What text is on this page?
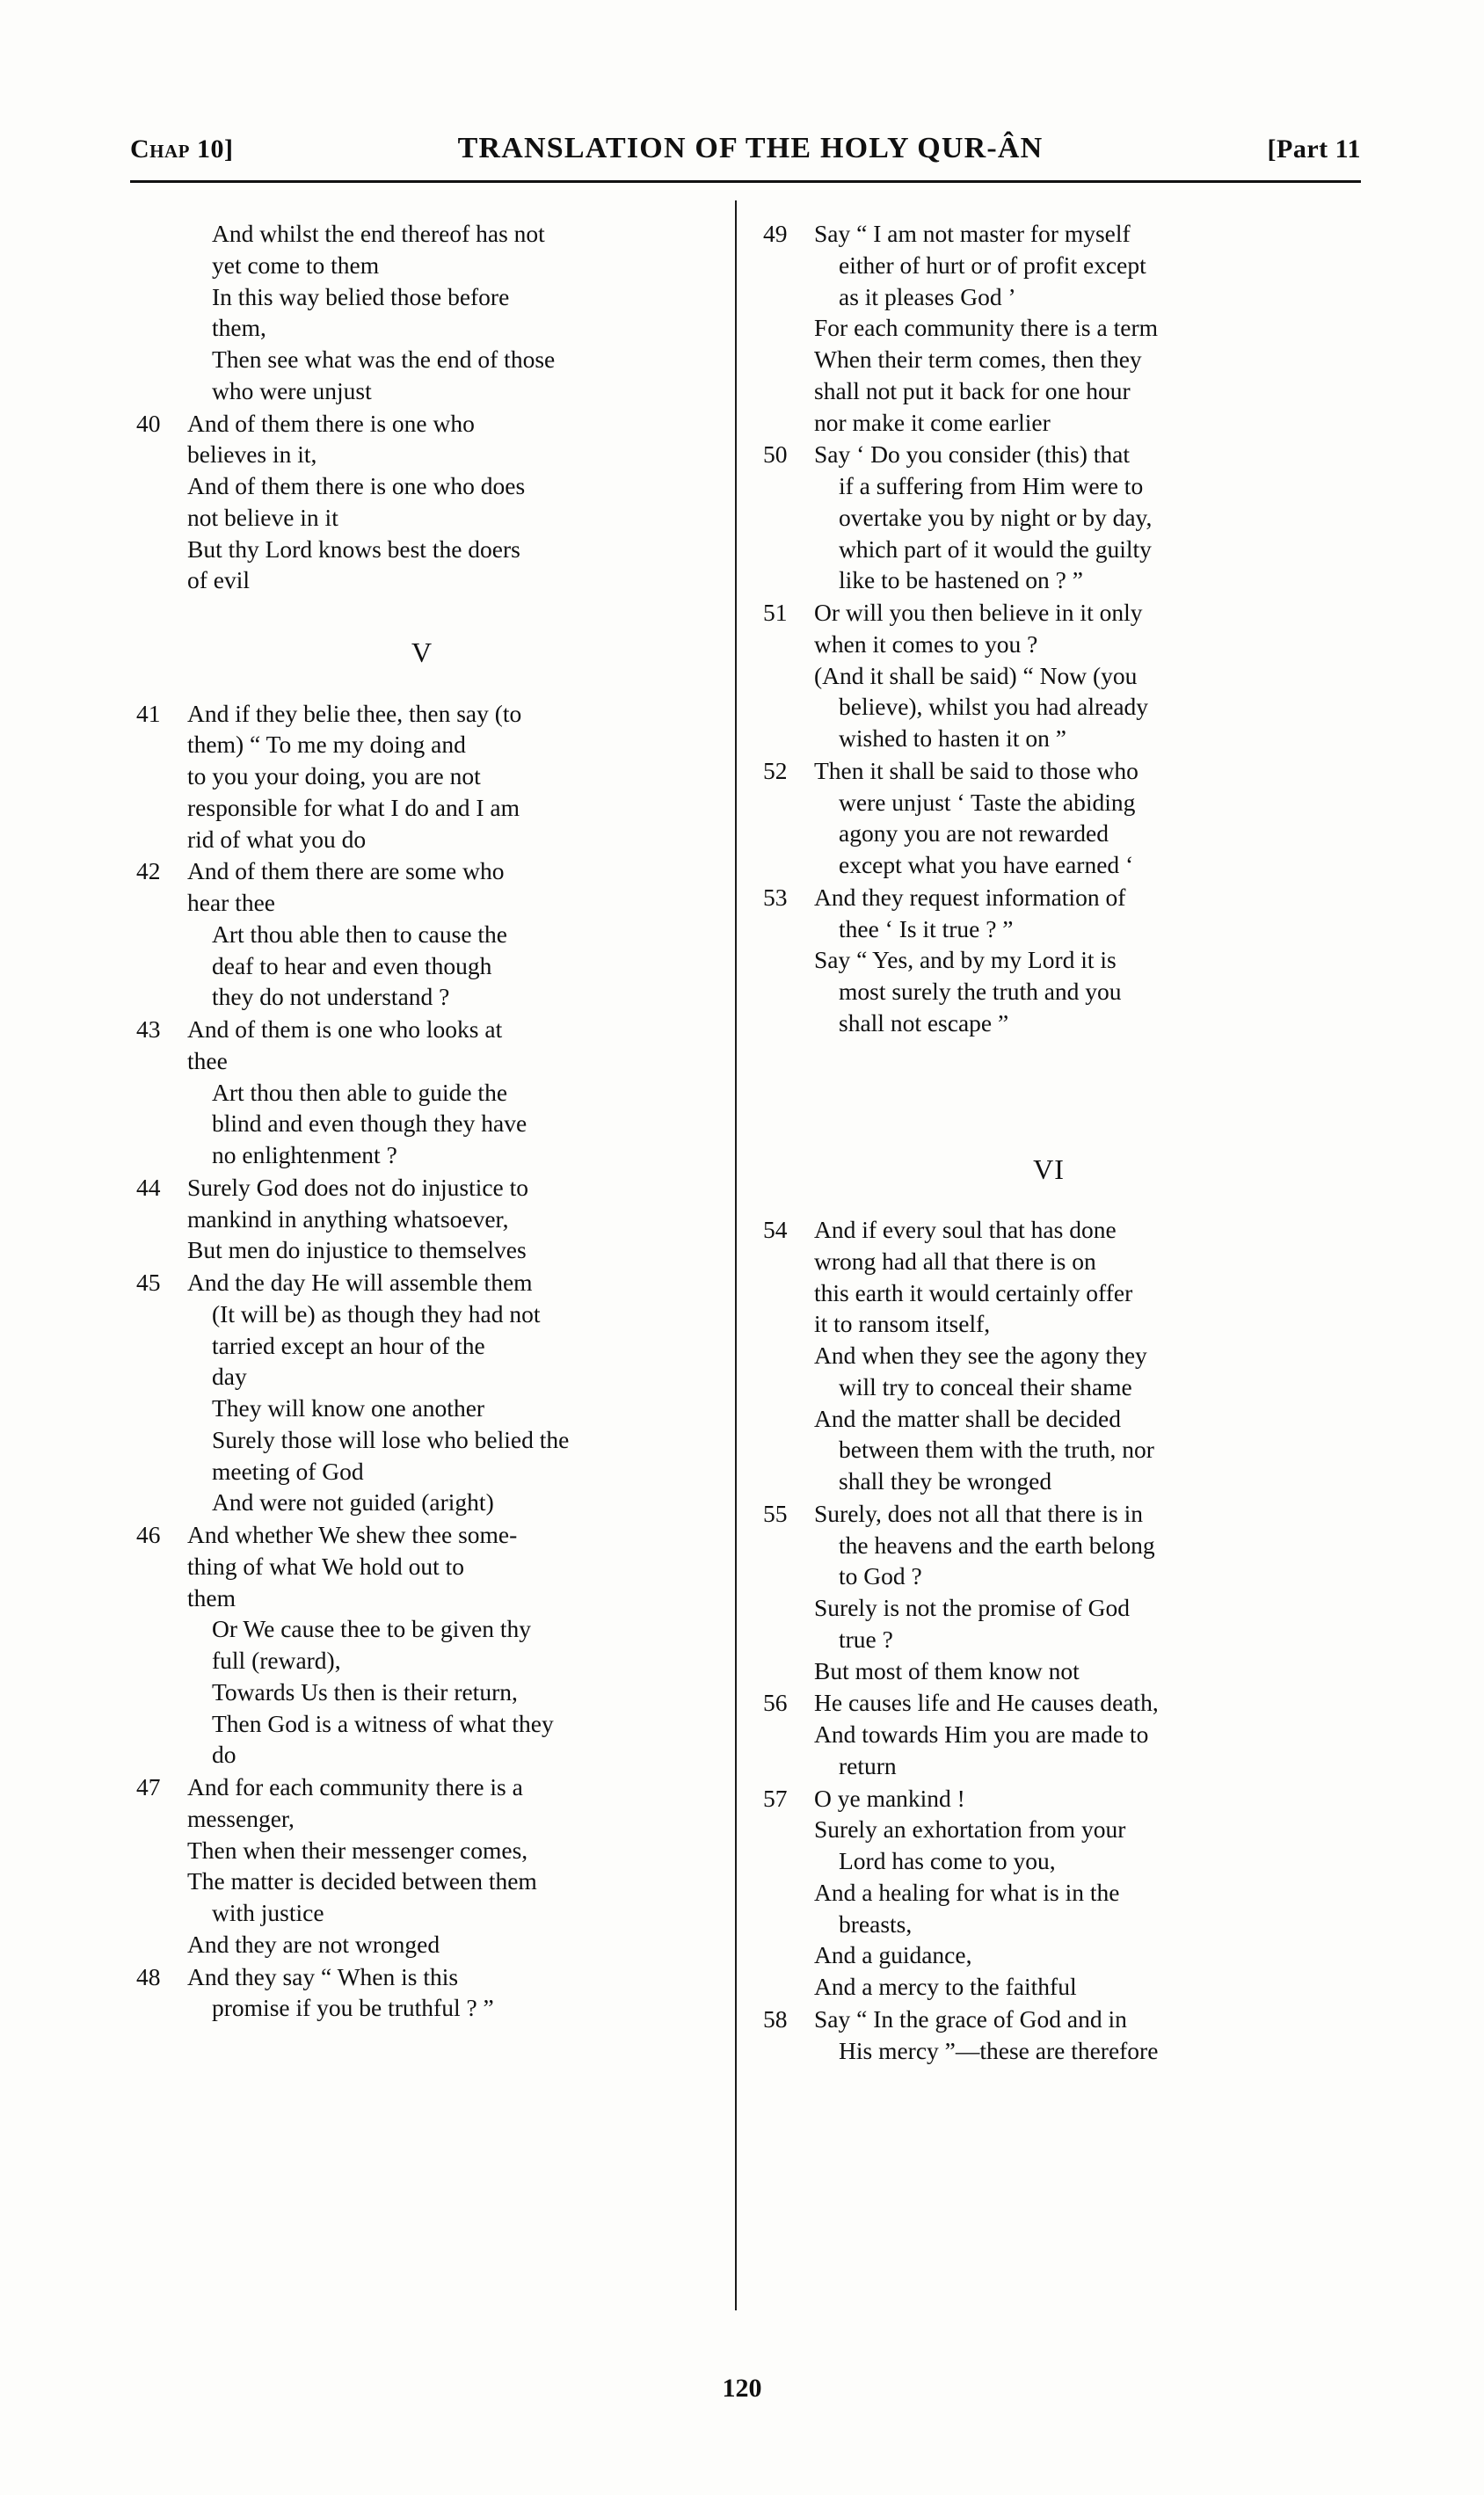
Chap 10]	TRANSLATION OF THE HOLY QUR-ÂN	[Part 11
And whilst the end thereof has not
yet come to them
In this way belied those before
them,
Then see what was the end of those
who were unjust
40	And of them there is one who
believes in it,
And of them there is one who does
not believe in it
But thy Lord knows best the doers
of evil
V
41	And if they belie thee, then say (to
them) “ To me my doing and
to you your doing, you are not
responsible for what I do and I am
rid of what you do
42	And of them there are some who
hear thee
Art thou able then to cause the
deaf to hear and even though
they do not understand ?
43	And of them is one who looks at
thee
Art thou then able to guide the
blind and even though they have
no enlightenment ?
44	Surely God does not do injustice to
mankind in anything whatsoever,
But men do injustice to themselves
45	And the day He will assemble them
(It will be) as though they had not
tarried except an hour of the
day
They will know one another
Surely those will lose who belied the
meeting of God
And were not guided (aright)
46	And whether We shew thee some-
thing of what We hold out to
them
Or We cause thee to be given thy
full (reward),
Towards Us then is their return,
Then God is a witness of what they
do
47	And for each community there is a
messenger,
Then when their messenger comes,
The matter is decided between them
with justice
And they are not wronged
48	And they say “ When is this
promise if you be truthful ? ”
49	Say “ I am not master for myself
either of hurt or of profit except
as it pleases God ’
For each community there is a term
When their term comes, then they
shall not put it back for one hour
nor make it come earlier
50	Say ‘ Do you consider (this) that
if a suffering from Him were to
overtake you by night or by day,
which part of it would the guilty
like to be hastened on ? ”
51	Or will you then believe in it only
when it comes to you ?
(And it shall be said) “ Now (you
believe), whilst you had already
wished to hasten it on ”
52	Then it shall be said to those who
were unjust ‘ Taste the abiding
agony you are not rewarded
except what you have earned ‘
53	And they request information of
thee ‘ Is it true ? ”
Say “ Yes, and by my Lord it is
most surely the truth and you
shall not escape ”
VI
54	And if every soul that has done
wrong had all that there is on
this earth it would certainly offer
it to ransom itself,
And when they see the agony they
will try to conceal their shame
And the matter shall be decided
between them with the truth, nor
shall they be wronged
55	Surely, does not all that there is in
the heavens and the earth belong
to God ?
Surely is not the promise of God
true ?
But most of them know not
56	He causes life and He causes death,
And towards Him you are made to
return
57	O ye mankind !
Surely an exhortation from your
Lord has come to you,
And a healing for what is in the
breasts,
And a guidance,
And a mercy to the faithful
58	Say “ In the grace of God and in
His mercy ”—these are therefore
120
